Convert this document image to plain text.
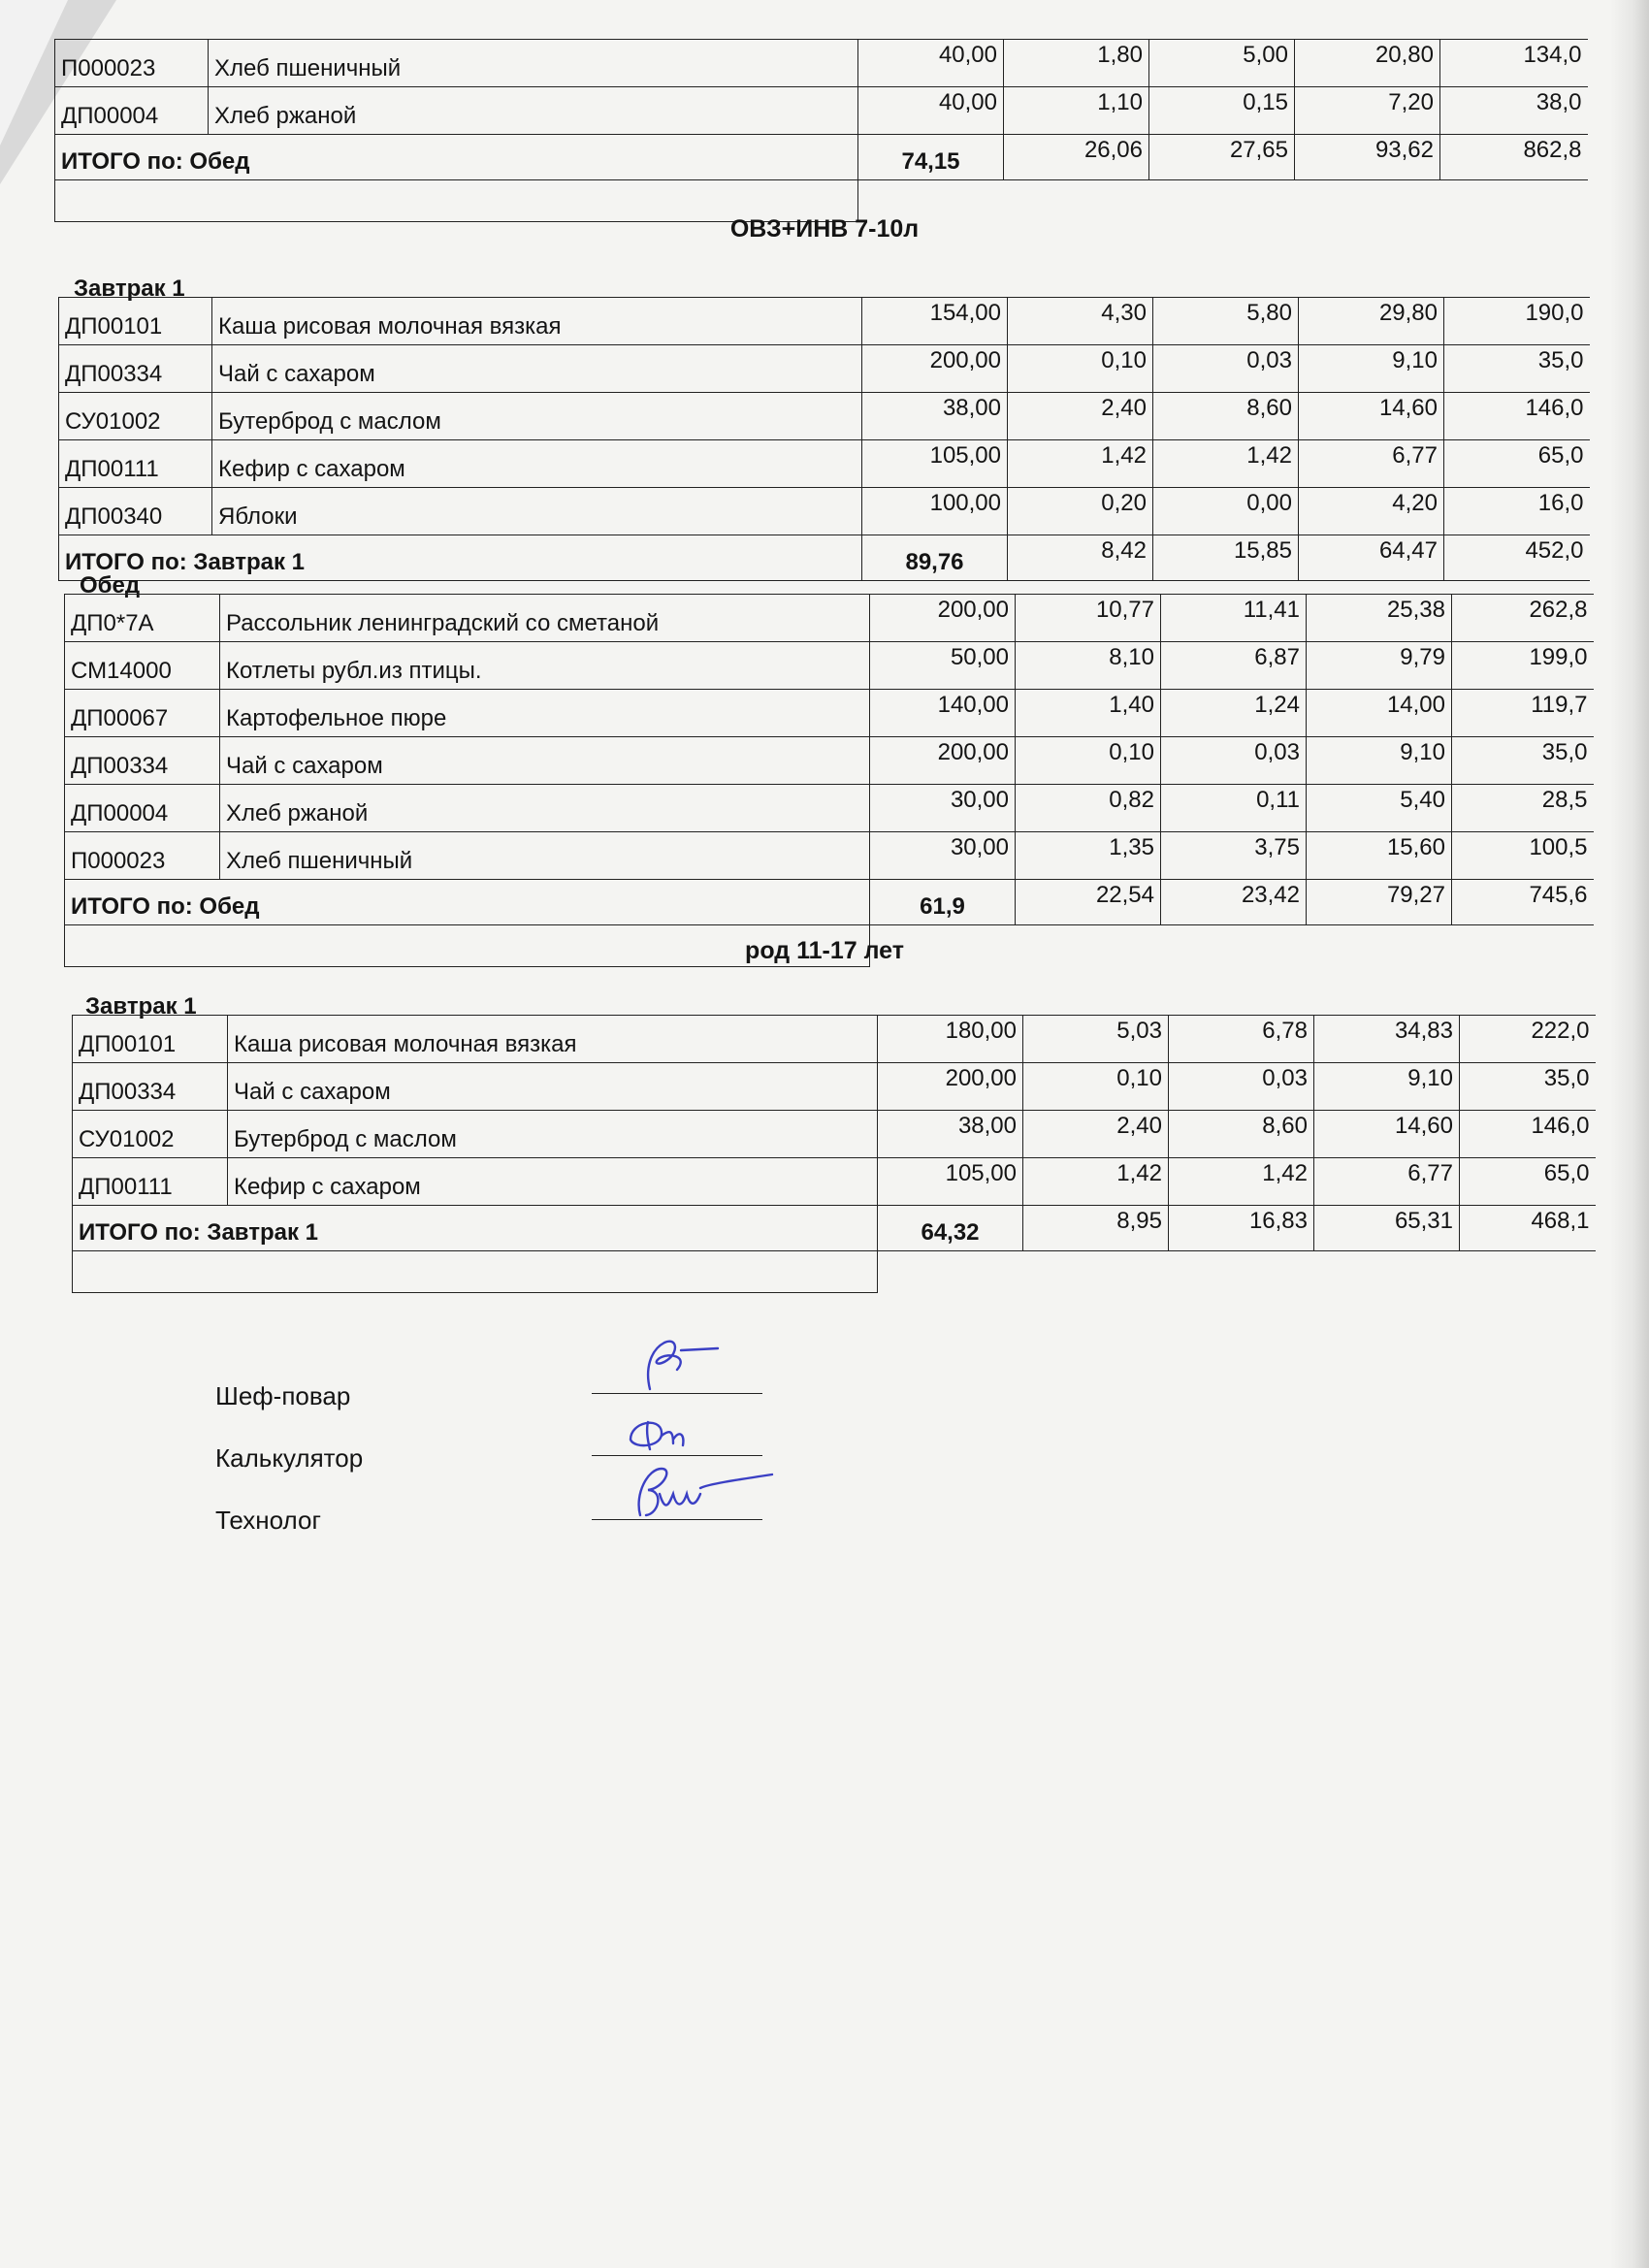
П000023	Хлеб пшеничный	40,00	1,80	5,00	20,80	134,0
ДП00004	Хлеб ржаной	40,00	1,10	0,15	7,20	38,0
ИТОГО по: Обед		74,15	26,06	27,65	93,62	862,8

ОВЗ+ИНВ 7-10л
Завтрак 1
ДП00101	Каша рисовая молочная вязкая	154,00	4,30	5,80	29,80	190,0
ДП00334	Чай с сахаром	200,00	0,10	0,03	9,10	35,0
СУ01002	Бутерброд с маслом	38,00	2,40	8,60	14,60	146,0
ДП00111	Кефир с сахаром	105,00	1,42	1,42	6,77	65,0
ДП00340	Яблоки	100,00	0,20	0,00	4,20	16,0
ИТОГО по: Завтрак 1		89,76	8,42	15,85	64,47	452,0
Обед
ДП0*7А	Рассольник ленинградский со сметаной	200,00	10,77	11,41	25,38	262,8
СМ14000	Котлеты рубл.из птицы.	50,00	8,10	6,87	9,79	199,0
ДП00067	Картофельное пюре	140,00	1,40	1,24	14,00	119,7
ДП00334	Чай с сахаром	200,00	0,10	0,03	9,10	35,0
ДП00004	Хлеб ржаной	30,00	0,82	0,11	5,40	28,5
П000023	Хлеб пшеничный	30,00	1,35	3,75	15,60	100,5
ИТОГО по: Обед		61,9	22,54	23,42	79,27	745,6

род 11-17 лет
Завтрак 1
ДП00101	Каша рисовая молочная вязкая	180,00	5,03	6,78	34,83	222,0
ДП00334	Чай с сахаром	200,00	0,10	0,03	9,10	35,0
СУ01002	Бутерброд с маслом	38,00	2,40	8,60	14,60	146,0
ДП00111	Кефир с сахаром	105,00	1,42	1,42	6,77	65,0
ИТОГО по: Завтрак 1		64,32	8,95	16,83	65,31	468,1

Шеф-повар
Калькулятор
Технолог
